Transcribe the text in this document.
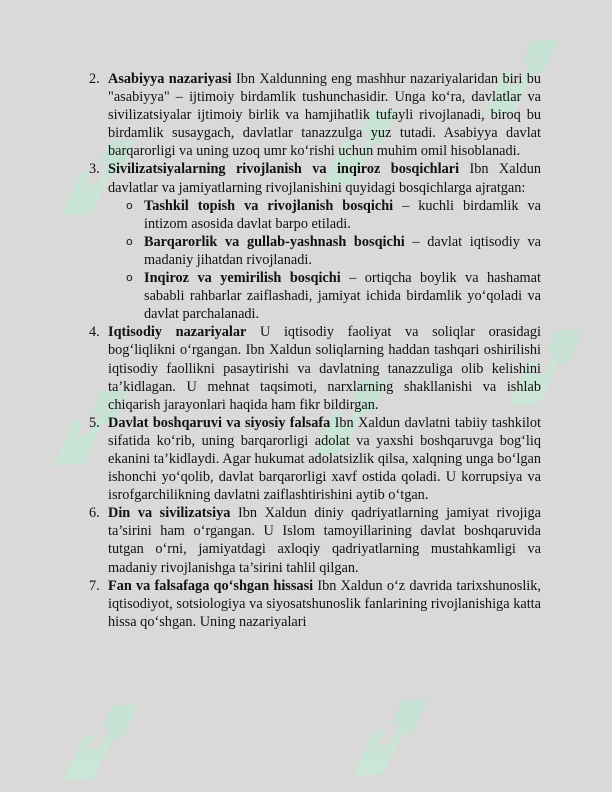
2. Asabiyya nazariyasi Ibn Xaldunning eng mashhur nazariyalaridan biri bu "asabiyya" – ijtimoiy birdamlik tushunchasidir. Unga ko‘ra, davlatlar va sivilizatsiyalar ijtimoiy birlik va hamjihatlik tufayli rivojlanadi, biroq bu birdamlik susaygach, davlatlar tanazzulga yuz tutadi. Asabiyya davlat barqarorligi va uning uzoq umr ko‘rishi uchun muhim omil hisoblanadi.
3. Sivilizatsiyalarning rivojlanish va inqiroz bosqichlari Ibn Xaldun davlatlar va jamiyatlarning rivojlanishini quyidagi bosqichlarga ajratgan:
o Tashkil topish va rivojlanish bosqichi – kuchli birdamlik va intizom asosida davlat barpo etiladi.
o Barqarorlik va gullab-yashnash bosqichi – davlat iqtisodiy va madaniy jihatdan rivojlanadi.
o Inqiroz va yemirilish bosqichi – ortiqcha boylik va hashamat sababli rahbarlar zaiflashadi, jamiyat ichida birdamlik yo‘qoladi va davlat parchalanadi.
4. Iqtisodiy nazariyalar U iqtisodiy faoliyat va soliqlar orasidagi bog‘liqlikni o‘rgangan. Ibn Xaldun soliqlarning haddan tashqari oshirilishi iqtisodiy faollikni pasaytirishi va davlatning tanazzuliga olib kelishini ta’kidlagan. U mehnat taqsimoti, narxlarning shakllanishi va ishlab chiqarish jarayonlari haqida ham fikr bildirgan.
5. Davlat boshqaruvi va siyosiy falsafa Ibn Xaldun davlatni tabiiy tashkilot sifatida ko‘rib, uning barqarorligi adolat va yaxshi boshqaruvga bog‘liq ekanini ta’kidlaydi. Agar hukumat adolatsizlik qilsa, xalqning unga bo‘lgan ishonchi yo‘qolib, davlat barqarorligi xavf ostida qoladi. U korrupsiya va isrofgarchilikning davlatni zaiflashtirishini aytib o‘tgan.
6. Din va sivilizatsiya Ibn Xaldun diniy qadriyatlarning jamiyat rivojiga ta’sirini ham o‘rgangan. U Islom tamoyillarining davlat boshqaruvida tutgan o‘rni, jamiyatdagi axloqiy qadriyatlarning mustahkamligi va madaniy rivojlanishga ta’sirini tahlil qilgan.
7. Fan va falsafaga qo‘shgan hissasi Ibn Xaldun o‘z davrida tarixshunoslik, iqtisodiyot, sotsiologiya va siyosatshunoslik fanlarining rivojlanishiga katta hissa qo‘shgan. Uning nazariyalari
